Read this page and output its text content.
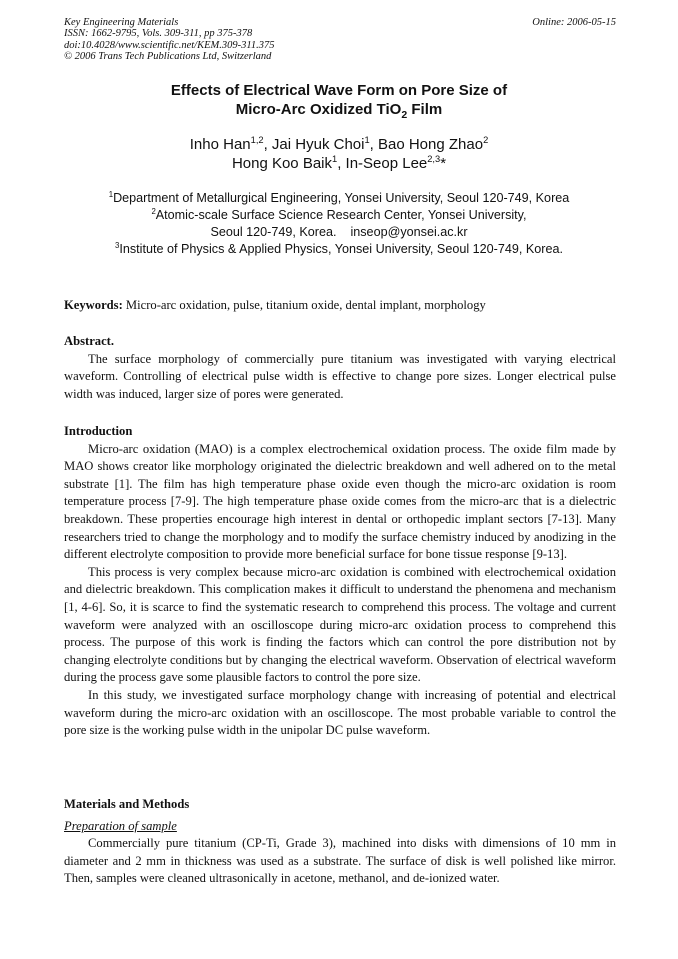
Key Engineering Materials
ISSN: 1662-9795, Vols. 309-311, pp 375-378
doi:10.4028/www.scientific.net/KEM.309-311.375
© 2006 Trans Tech Publications Ltd, Switzerland
Online: 2006-05-15
Effects of Electrical Wave Form on Pore Size of
Micro-Arc Oxidized TiO$_2$ Film
Inho Han$^{1,2}$, Jai Hyuk Choi$^1$, Bao Hong Zhao$^2$
Hong Koo Baik$^1$, In-Seop Lee$^{2,3}$*
$^1$Department of Metallurgical Engineering, Yonsei University, Seoul 120-749, Korea
$^2$Atomic-scale Surface Science Research Center, Yonsei University,
Seoul 120-749, Korea.    inseop@yonsei.ac.kr
$^3$Institute of Physics & Applied Physics, Yonsei University, Seoul 120-749, Korea.
Keywords: Micro-arc oxidation, pulse, titanium oxide, dental implant, morphology
Abstract.

The surface morphology of commercially pure titanium was investigated with varying electrical waveform. Controlling of electrical pulse width is effective to change pore sizes. Longer electrical pulse width was induced, larger size of pores were generated.

Introduction

Micro-arc oxidation (MAO) is a complex electrochemical oxidation process. The oxide film made by MAO shows creator like morphology originated the dielectric breakdown and well adhered on to the metal substrate [1]. The film has high temperature phase oxide even though the micro-arc oxidation is room temperature process [7-9]. The high temperature phase oxide comes from the micro-arc that is a dielectric breakdown. These properties encourage high interest in dental or orthopedic implant sectors [7-13]. Many researchers tried to change the morphology and to modify the surface chemistry induced by anodizing in the different electrolyte composition to provide more beneficial surface for bone tissue response [9-13].

This process is very complex because micro-arc oxidation is combined with electrochemical oxidation and dielectric breakdown. This complication makes it difficult to understand the phenomena and mechanism [1, 4-6]. So, it is scarce to find the systematic research to comprehend this process. The voltage and current waveform were analyzed with an oscilloscope during micro-arc oxidation process to comprehend this process. The purpose of this work is finding the factors which can control the pore distribution not by changing electrolyte conditions but by changing the electrical waveform. Observation of electrical waveform during the process gave some plausible factors to control the pore size.

In this study, we investigated surface morphology change with increasing of potential and electrical waveform during the micro-arc oxidation with an oscilloscope. The most probable variable to control the pore size is the working pulse width in the unipolar DC pulse waveform.

Materials and Methods
Preparation of sample

Commercially pure titanium (CP-Ti, Grade 3), machined into disks with dimensions of 10 mm in diameter and 2 mm in thickness was used as a substrate. The surface of disk is well polished like mirror. Then, samples were cleaned ultrasonically in acetone, methanol, and de-ionized water.
